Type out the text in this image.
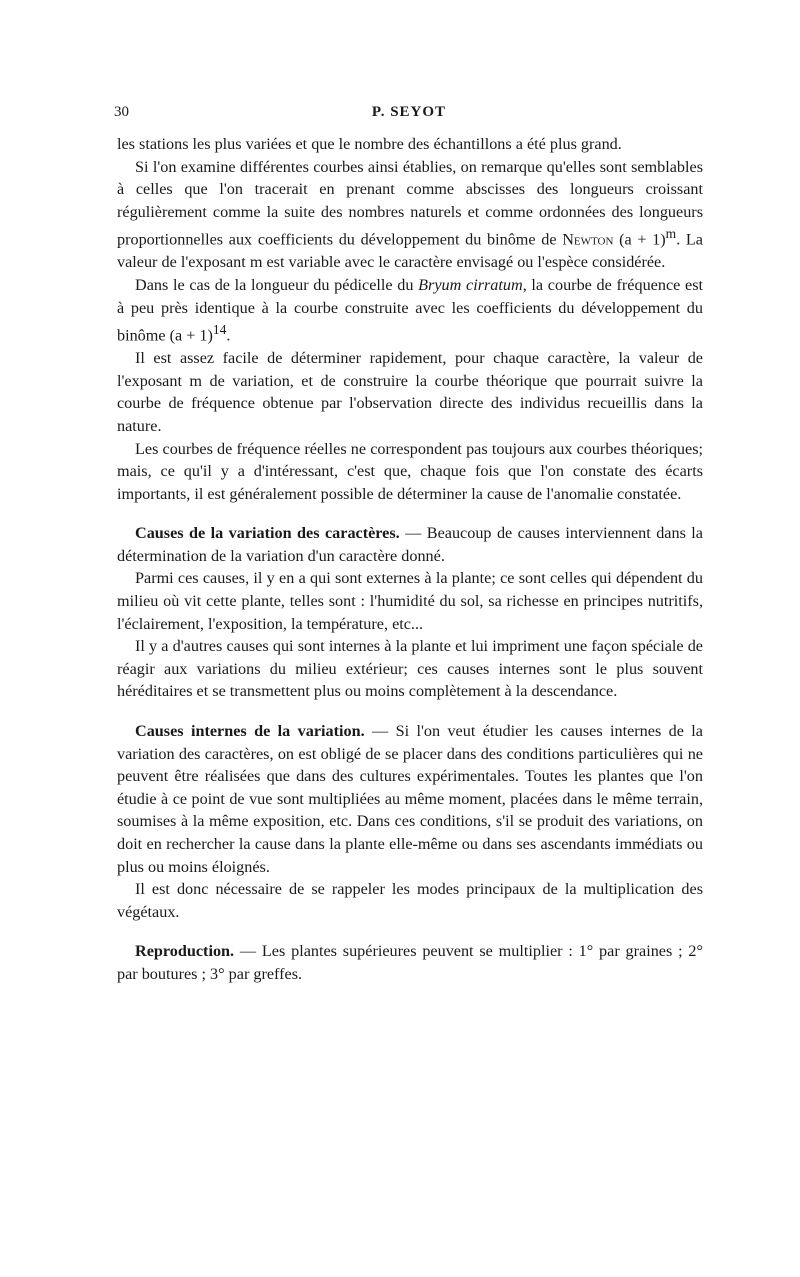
30	P. SEYOT

les stations les plus variées et que le nombre des échantillons a été plus grand.

Si l'on examine différentes courbes ainsi établies, on remarque qu'elles sont semblables à celles que l'on tracerait en prenant comme abscisses des longueurs croissant régulièrement comme la suite des nombres naturels et comme ordonnées des longueurs proportionnelles aux coefficients du développement du binôme de Newton $(a + 1)^m$. La valeur de l'exposant m est variable avec le caractère envisagé ou l'espèce considérée.

Dans le cas de la longueur du pédicelle du Bryum cirratum, la courbe de fréquence est à peu près identique à la courbe construite avec les coefficients du développement du binôme $(a + 1)^{14}$.

Il est assez facile de déterminer rapidement, pour chaque caractère, la valeur de l'exposant m de variation, et de construire la courbe théorique que pourrait suivre la courbe de fréquence obtenue par l'observation directe des individus recueillis dans la nature.

Les courbes de fréquence réelles ne correspondent pas toujours aux courbes théoriques; mais, ce qu'il y a d'intéressant, c'est que, chaque fois que l'on constate des écarts importants, il est généralement possible de déterminer la cause de l'anomalie constatée.

Causes de la variation des caractères. — Beaucoup de causes interviennent dans la détermination de la variation d'un caractère donné.

Parmi ces causes, il y en a qui sont externes à la plante; ce sont celles qui dépendent du milieu où vit cette plante, telles sont : l'humidité du sol, sa richesse en principes nutritifs, l'éclairement, l'exposition, la température, etc...

Il y a d'autres causes qui sont internes à la plante et lui impriment une façon spéciale de réagir aux variations du milieu extérieur; ces causes internes sont le plus souvent héréditaires et se transmettent plus ou moins complètement à la descendance.

Causes internes de la variation. — Si l'on veut étudier les causes internes de la variation des caractères, on est obligé de se placer dans des conditions particulières qui ne peuvent être réalisées que dans des cultures expérimentales. Toutes les plantes que l'on étudie à ce point de vue sont multipliées au même moment, placées dans le même terrain, soumises à la même exposition, etc. Dans ces conditions, s'il se produit des variations, on doit en rechercher la cause dans la plante elle-même ou dans ses ascendants immédiats ou plus ou moins éloignés.

Il est donc nécessaire de se rappeler les modes principaux de la multiplication des végétaux.

Reproduction. — Les plantes supérieures peuvent se multiplier : 1° par graines ; 2° par boutures ; 3° par greffes.
